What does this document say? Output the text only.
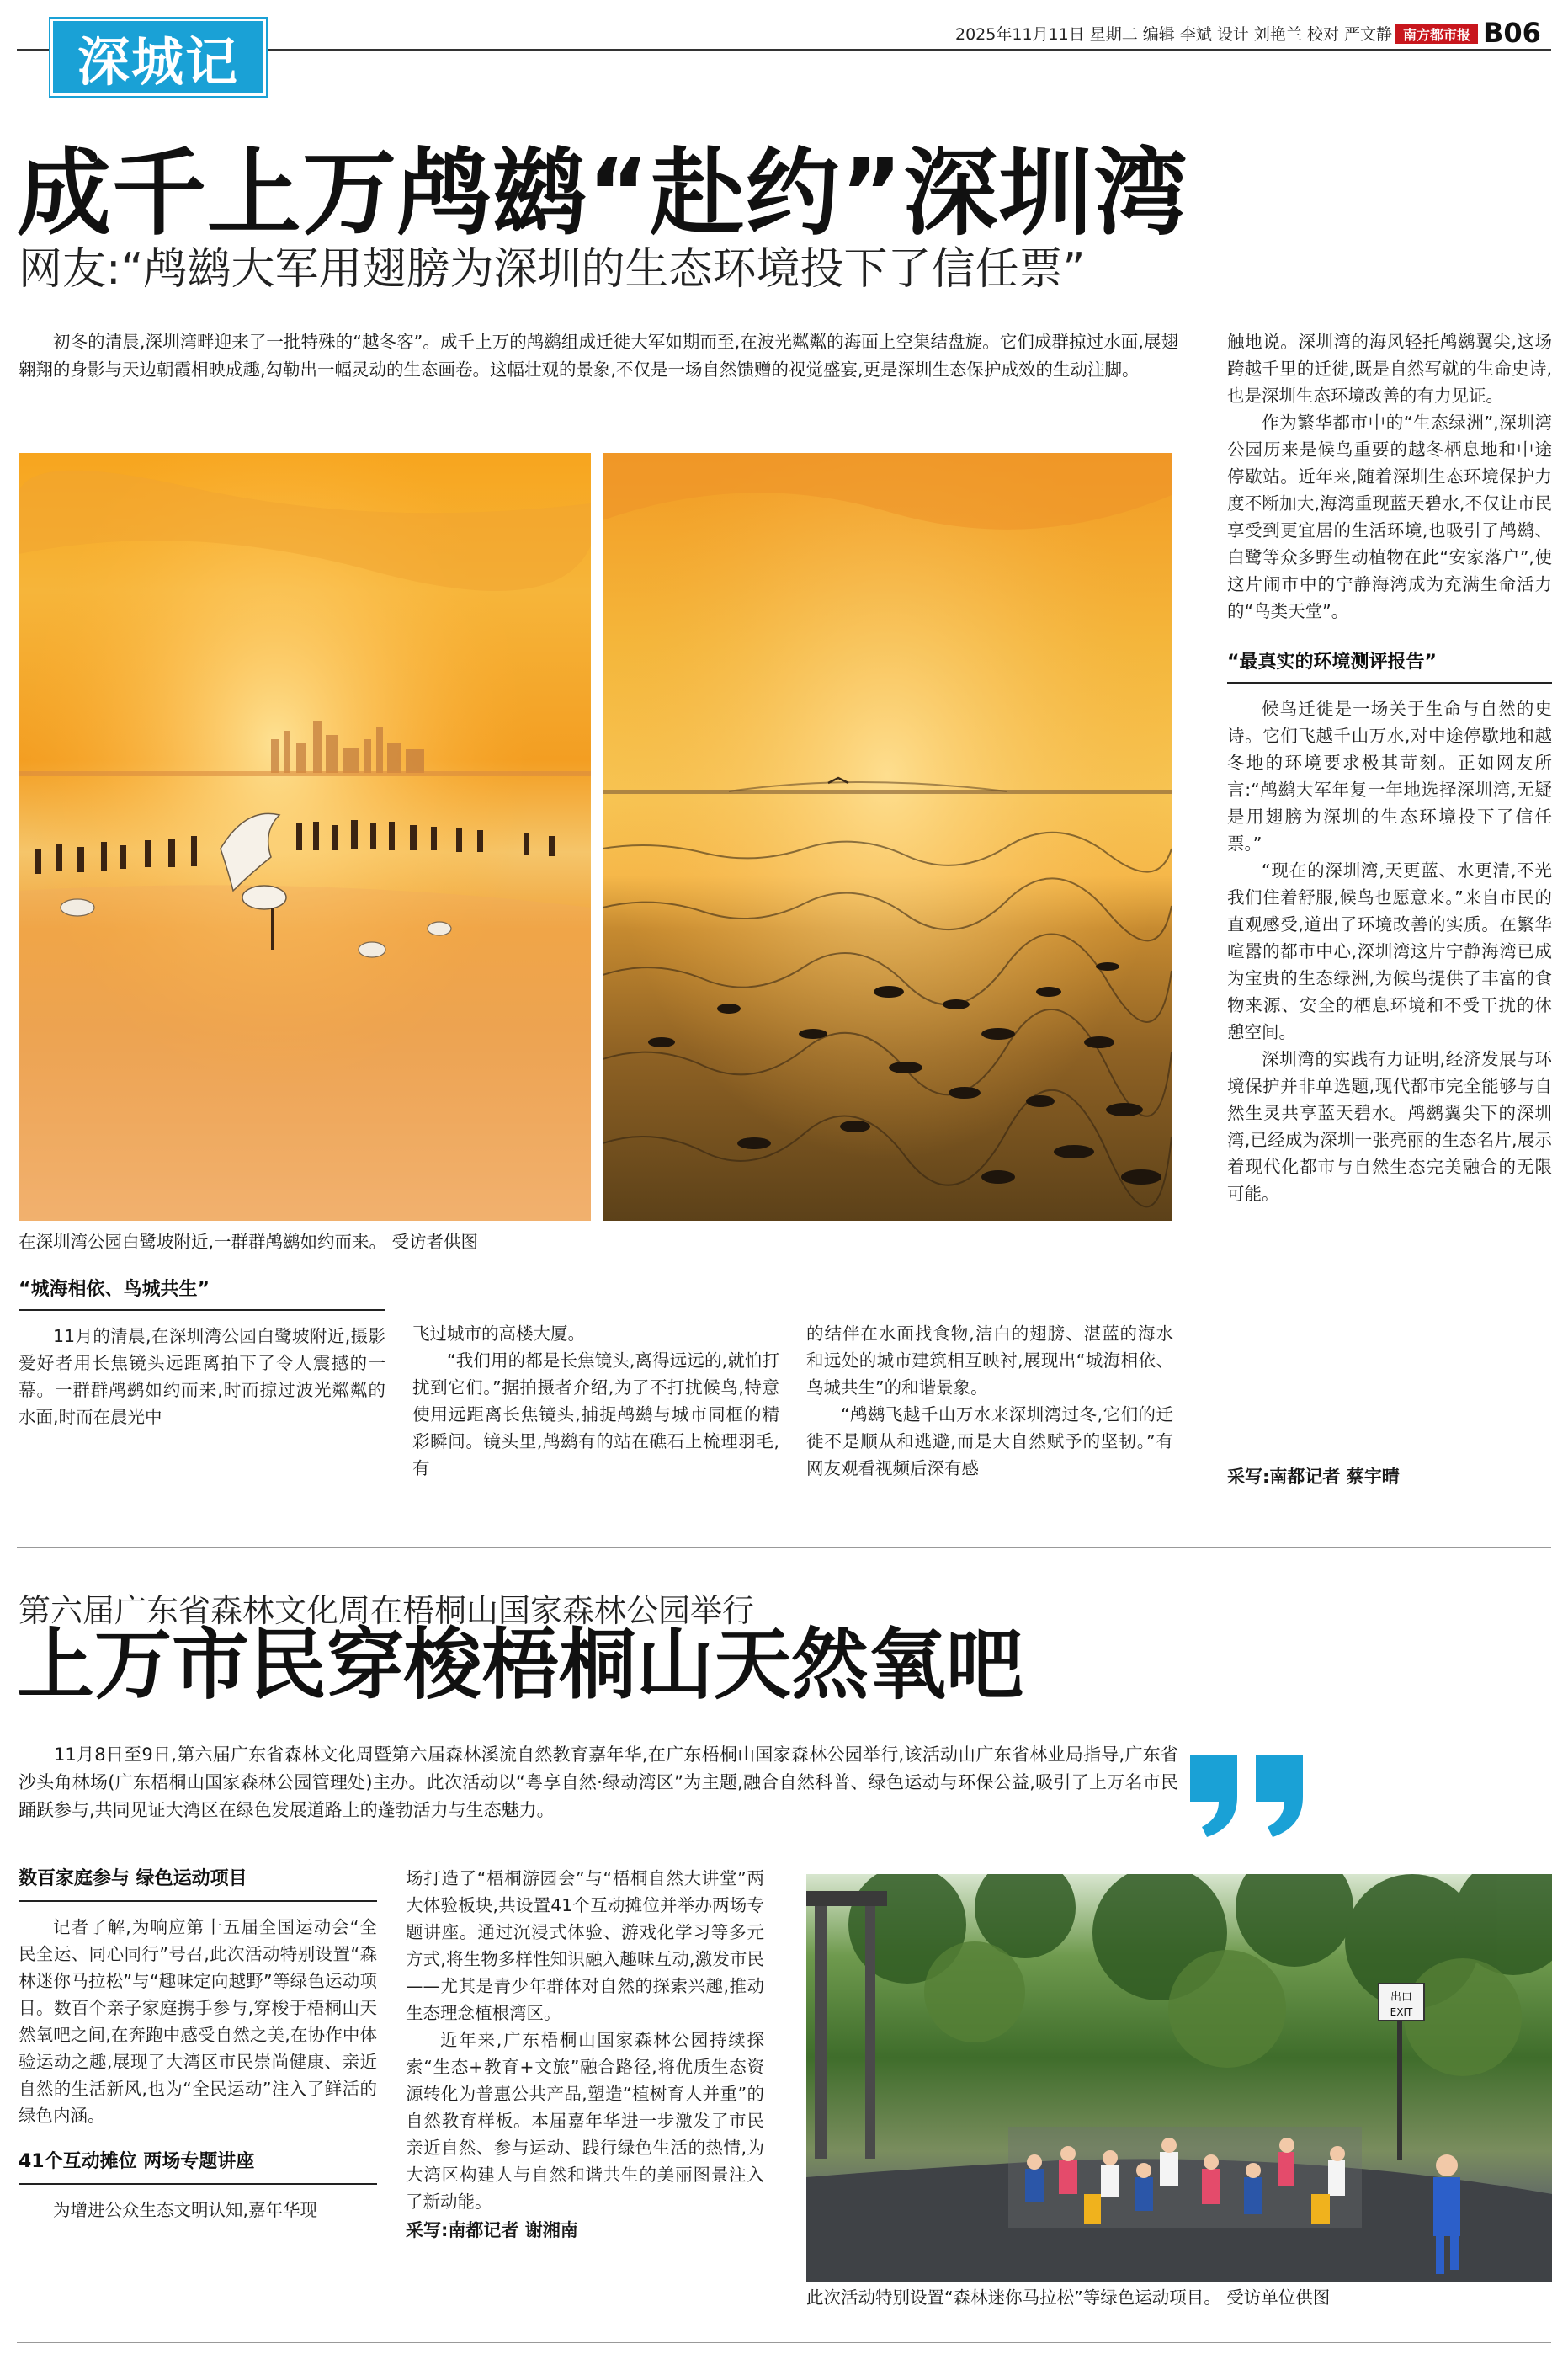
深城记	2025年11月11日 星期二 编辑 李斌 设计 刘艳兰 校对 严文静 南方都市报 B06
成千上万鸬鹚“赴约”深圳湾
网友:“鸬鹚大军用翅膀为深圳的生态环境投下了信任票”
初冬的清晨,深圳湾畔迎来了一批特殊的“越冬客”。成千上万的鸬鹚组成迁徙大军如期而至,在波光粼粼的海面上空集结盘旋。它们成群掠过水面,展翅翱翔的身影与天边朝霞相映成趣,勾勒出一幅灵动的生态画卷。这幅壮观的景象,不仅是一场自然馈赠的视觉盛宴,更是深圳生态保护成效的生动注脚。
在深圳湾公园白鹭坡附近,一群群鸬鹚如约而来。 受访者供图
“城海相依、鸟城共生”

11月的清晨,在深圳湾公园白鹭坡附近,摄影爱好者用长焦镜头远距离拍下了令人震撼的一幕。一群群鸬鹚如约而来,时而掠过波光粼粼的水面,时而在晨光中

飞过城市的高楼大厦。

“我们用的都是长焦镜头,离得远远的,就怕打扰到它们。”据拍摄者介绍,为了不打扰候鸟,特意使用远距离长焦镜头,捕捉鸬鹚与城市同框的精彩瞬间。镜头里,鸬鹚有的站在礁石上梳理羽毛,有

的结伴在水面找食物,洁白的翅膀、湛蓝的海水和远处的城市建筑相互映衬,展现出“城海相依、鸟城共生”的和谐景象。

“鸬鹚飞越千山万水来深圳湾过冬,它们的迁徙不是顺从和逃避,而是大自然赋予的坚韧。”有网友观看视频后深有感

触地说。深圳湾的海风轻托鸬鹚翼尖,这场跨越千里的迁徙,既是自然写就的生命史诗,也是深圳生态环境改善的有力见证。

作为繁华都市中的“生态绿洲”,深圳湾公园历来是候鸟重要的越冬栖息地和中途停歇站。近年来,随着深圳生态环境保护力度不断加大,海湾重现蓝天碧水,不仅让市民享受到更宜居的生活环境,也吸引了鸬鹚、白鹭等众多野生动植物在此“安家落户”,使这片闹市中的宁静海湾成为充满生命活力的“鸟类天堂”。

“最真实的环境测评报告”

候鸟迁徙是一场关于生命与自然的史诗。它们飞越千山万水,对中途停歇地和越冬地的环境要求极其苛刻。正如网友所言:“鸬鹚大军年复一年地选择深圳湾,无疑是用翅膀为深圳的生态环境投下了信任票。”

“现在的深圳湾,天更蓝、水更清,不光我们住着舒服,候鸟也愿意来。”来自市民的直观感受,道出了环境改善的实质。在繁华喧嚣的都市中心,深圳湾这片宁静海湾已成为宝贵的生态绿洲,为候鸟提供了丰富的食物来源、安全的栖息环境和不受干扰的休憩空间。

深圳湾的实践有力证明,经济发展与环境保护并非单选题,现代都市完全能够与自然生灵共享蓝天碧水。鸬鹚翼尖下的深圳湾,已经成为深圳一张亮丽的生态名片,展示着现代化都市与自然生态完美融合的无限可能。

采写:南都记者 蔡宇晴
第六届广东省森林文化周在梧桐山国家森林公园举行
上万市民穿梭梧桐山天然氧吧
11月8日至9日,第六届广东省森林文化周暨第六届森林溪流自然教育嘉年华,在广东梧桐山国家森林公园举行,该活动由广东省林业局指导,广东省沙头角林场(广东梧桐山国家森林公园管理处)主办。此次活动以“粤享自然·绿动湾区”为主题,融合自然科普、绿色运动与环保公益,吸引了上万名市民踊跃参与,共同见证大湾区在绿色发展道路上的蓬勃活力与生态魅力。
数百家庭参与 绿色运动项目

记者了解,为响应第十五届全国运动会“全民全运、同心同行”号召,此次活动特别设置“森林迷你马拉松”与“趣味定向越野”等绿色运动项目。数百个亲子家庭携手参与,穿梭于梧桐山天然氧吧之间,在奔跑中感受自然之美,在协作中体验运动之趣,展现了大湾区市民崇尚健康、亲近自然的生活新风,也为“全民运动”注入了鲜活的绿色内涵。

41个互动摊位 两场专题讲座

为增进公众生态文明认知,嘉年华现

场打造了“梧桐游园会”与“梧桐自然大讲堂”两大体验板块,共设置41个互动摊位并举办两场专题讲座。通过沉浸式体验、游戏化学习等多元方式,将生物多样性知识融入趣味互动,激发市民——尤其是青少年群体对自然的探索兴趣,推动生态理念植根湾区。

近年来,广东梧桐山国家森林公园持续探索“生态+教育+文旅”融合路径,将优质生态资源转化为普惠公共产品,塑造“植树育人并重”的自然教育样板。本届嘉年华进一步激发了市民亲近自然、参与运动、践行绿色生活的热情,为大湾区构建人与自然和谐共生的美丽图景注入了新动能。

采写:南都记者 谢湘南
出口
EXIT
此次活动特别设置“森林迷你马拉松”等绿色运动项目。 受访单位供图
